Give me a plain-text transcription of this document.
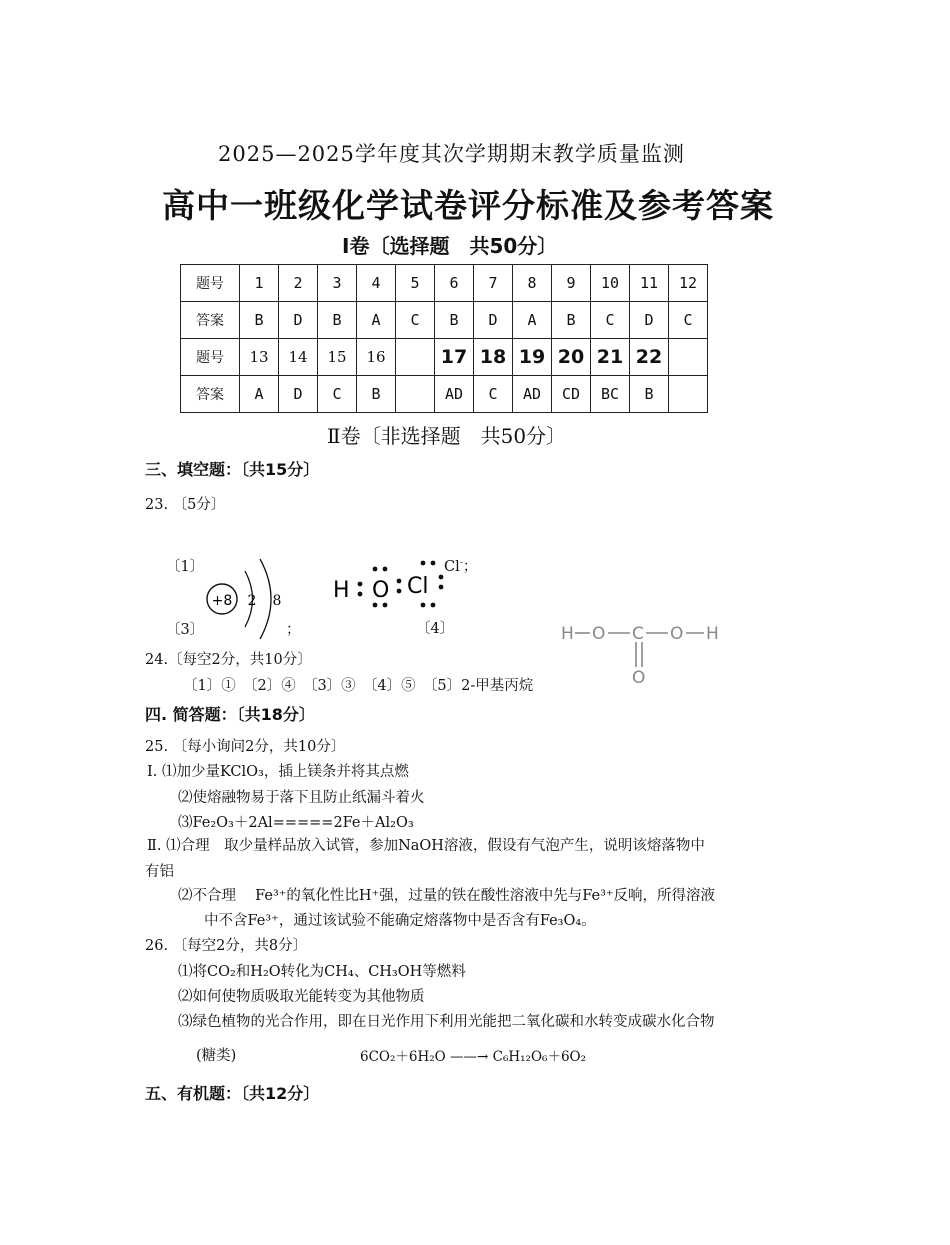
2025—2025学年度其次学期期末教学质量监测
高中一班级化学试卷评分标准及参考答案
Ⅰ卷〔选择题　共50分〕
题号	1	2	3	4	5	6	7	8	9	10	11	12
答案	B	D	B	A	C	B	D	A	B	C	D	C
题号	13	14	15	16		17	18	19	20	21	22	
答案	A	D	C	B		AD	C	AD	CD	BC	B	
Ⅱ卷〔非选择题　共50分〕
三、填空题：〔共15分〕
23. 〔5分〕
〔1〕
〔3〕
+8 2 8
；
H O Cl
Cl-；
〔4〕	H O C O H
O
24.〔每空2分，共10分〕
〔1〕①　〔2〕④　〔3〕③　〔4〕⑤　〔5〕2-甲基丙烷
四. 简答题：〔共18分〕
25. 〔每小询问2分，共10分〕
Ⅰ. ⑴加少量KClO₃，插上镁条并将其点燃
⑵使熔融物易于落下且防止纸漏斗着火
⑶Fe₂O₃＋2Al=====2Fe＋Al₂O₃
Ⅱ. ⑴合理　取少量样品放入试管，参加NaOH溶液，假设有气泡产生，说明该熔落物中
有铝
⑵不合理　 Fe³⁺的氧化性比H⁺强，过量的铁在酸性溶液中先与Fe³⁺反响，所得溶液
中不含Fe³⁺，通过该试验不能确定熔落物中是否含有Fe₃O₄。
26. 〔每空2分，共8分〕
⑴将CO₂和H₂O转化为CH₄、CH₃OH等燃料
⑵如何使物质吸取光能转变为其他物质
⑶绿色植物的光合作用，即在日光作用下利用光能把二氧化碳和水转变成碳水化合物
(糖类)	6CO₂＋6H₂O ——→ C₆H₁₂O₆＋6O₂
五、有机题：〔共12分〕
